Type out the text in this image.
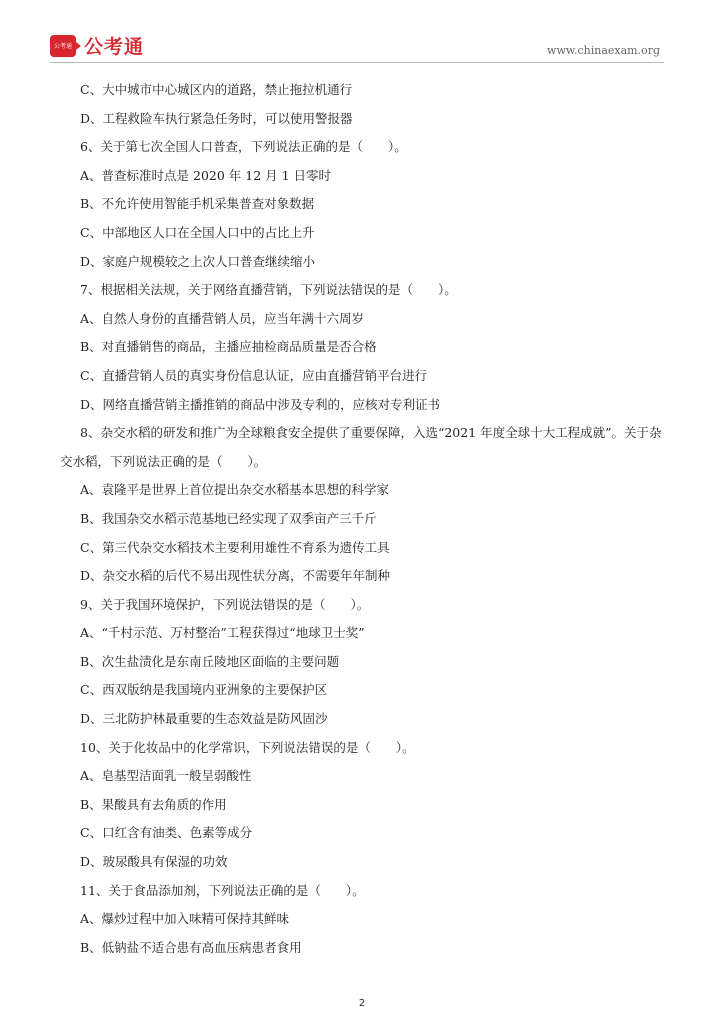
公考通 公考通	www.chinaexam.org
C、大中城市中心城区内的道路，禁止拖拉机通行
D、工程救险车执行紧急任务时，可以使用警报器
6、关于第七次全国人口普查，下列说法正确的是（　　）。
A、普查标准时点是 2020 年 12 月 1 日零时
B、不允许使用智能手机采集普查对象数据
C、中部地区人口在全国人口中的占比上升
D、家庭户规模较之上次人口普查继续缩小
7、根据相关法规，关于网络直播营销，下列说法错误的是（　　）。
A、自然人身份的直播营销人员，应当年满十六周岁
B、对直播销售的商品，主播应抽检商品质量是否合格
C、直播营销人员的真实身份信息认证，应由直播营销平台进行
D、网络直播营销主播推销的商品中涉及专利的，应核对专利证书
8、杂交水稻的研发和推广为全球粮食安全提供了重要保障，入选“2021 年度全球十大工程成就”。关于杂交水稻，下列说法正确的是（　　）。
A、袁隆平是世界上首位提出杂交水稻基本思想的科学家
B、我国杂交水稻示范基地已经实现了双季亩产三千斤
C、第三代杂交水稻技术主要利用雄性不育系为遗传工具
D、杂交水稻的后代不易出现性状分离，不需要年年制种
9、关于我国环境保护，下列说法错误的是（　　）。
A、“千村示范、万村整治”工程获得过“地球卫士奖”
B、次生盐渍化是东南丘陵地区面临的主要问题
C、西双版纳是我国境内亚洲象的主要保护区
D、三北防护林最重要的生态效益是防风固沙
10、关于化妆品中的化学常识，下列说法错误的是（　　）。
A、皂基型洁面乳一般呈弱酸性
B、果酸具有去角质的作用
C、口红含有油类、色素等成分
D、玻尿酸具有保湿的功效
11、关于食品添加剂，下列说法正确的是（　　）。
A、爆炒过程中加入味精可保持其鲜味
B、低钠盐不适合患有高血压病患者食用
2
